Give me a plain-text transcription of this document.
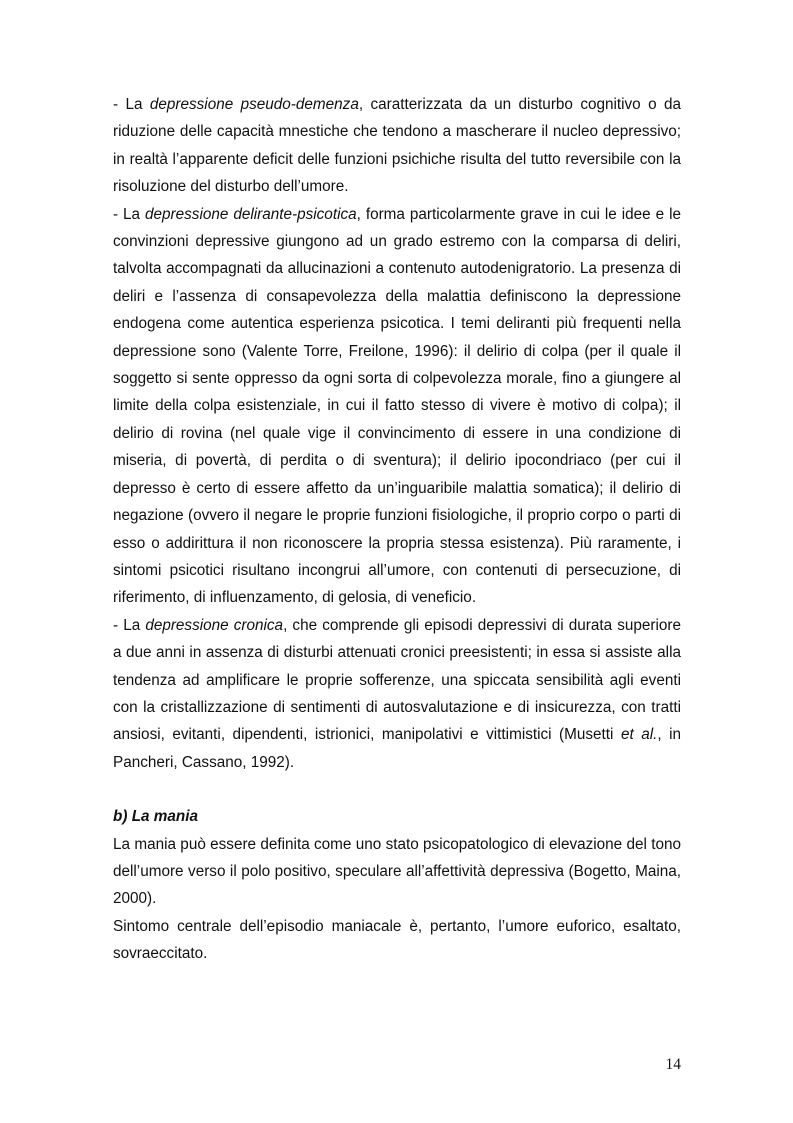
- La depressione pseudo-demenza, caratterizzata da un disturbo cognitivo o da riduzione delle capacità mnestiche che tendono a mascherare il nucleo depressivo; in realtà l’apparente deficit delle funzioni psichiche risulta del tutto reversibile con la risoluzione del disturbo dell’umore.

- La depressione delirante-psicotica, forma particolarmente grave in cui le idee e le convinzioni depressive giungono ad un grado estremo con la comparsa di deliri, talvolta accompagnati da allucinazioni a contenuto autodenigratorio. La presenza di deliri e l’assenza di consapevolezza della malattia definiscono la depressione endogena come autentica esperienza psicotica. I temi deliranti più frequenti nella depressione sono (Valente Torre, Freilone, 1996): il delirio di colpa (per il quale il soggetto si sente oppresso da ogni sorta di colpevolezza morale, fino a giungere al limite della colpa esistenziale, in cui il fatto stesso di vivere è motivo di colpa); il delirio di rovina (nel quale vige il convincimento di essere in una condizione di miseria, di povertà, di perdita o di sventura); il delirio ipocondriaco (per cui il depresso è certo di essere affetto da un’inguaribile malattia somatica); il delirio di negazione (ovvero il negare le proprie funzioni fisiologiche, il proprio corpo o parti di esso o addirittura il non riconoscere la propria stessa esistenza). Più raramente, i sintomi psicotici risultano incongrui all’umore, con contenuti di persecuzione, di riferimento, di influenzamento, di gelosia, di veneficio.

- La depressione cronica, che comprende gli episodi depressivi di durata superiore a due anni in assenza di disturbi attenuati cronici preesistenti; in essa si assiste alla tendenza ad amplificare le proprie sofferenze, una spiccata sensibilità agli eventi con la cristallizzazione di sentimenti di autosvalutazione e di insicurezza, con tratti ansiosi, evitanti, dipendenti, istrionici, manipolativi e vittimistici (Musetti et al., in Pancheri, Cassano, 1992).

b) La mania

La mania può essere definita come uno stato psicopatologico di elevazione del tono dell’umore verso il polo positivo, speculare all’affettività depressiva (Bogetto, Maina, 2000).

Sintomo centrale dell’episodio maniacale è, pertanto, l’umore euforico, esaltato, sovraeccitato.

14
